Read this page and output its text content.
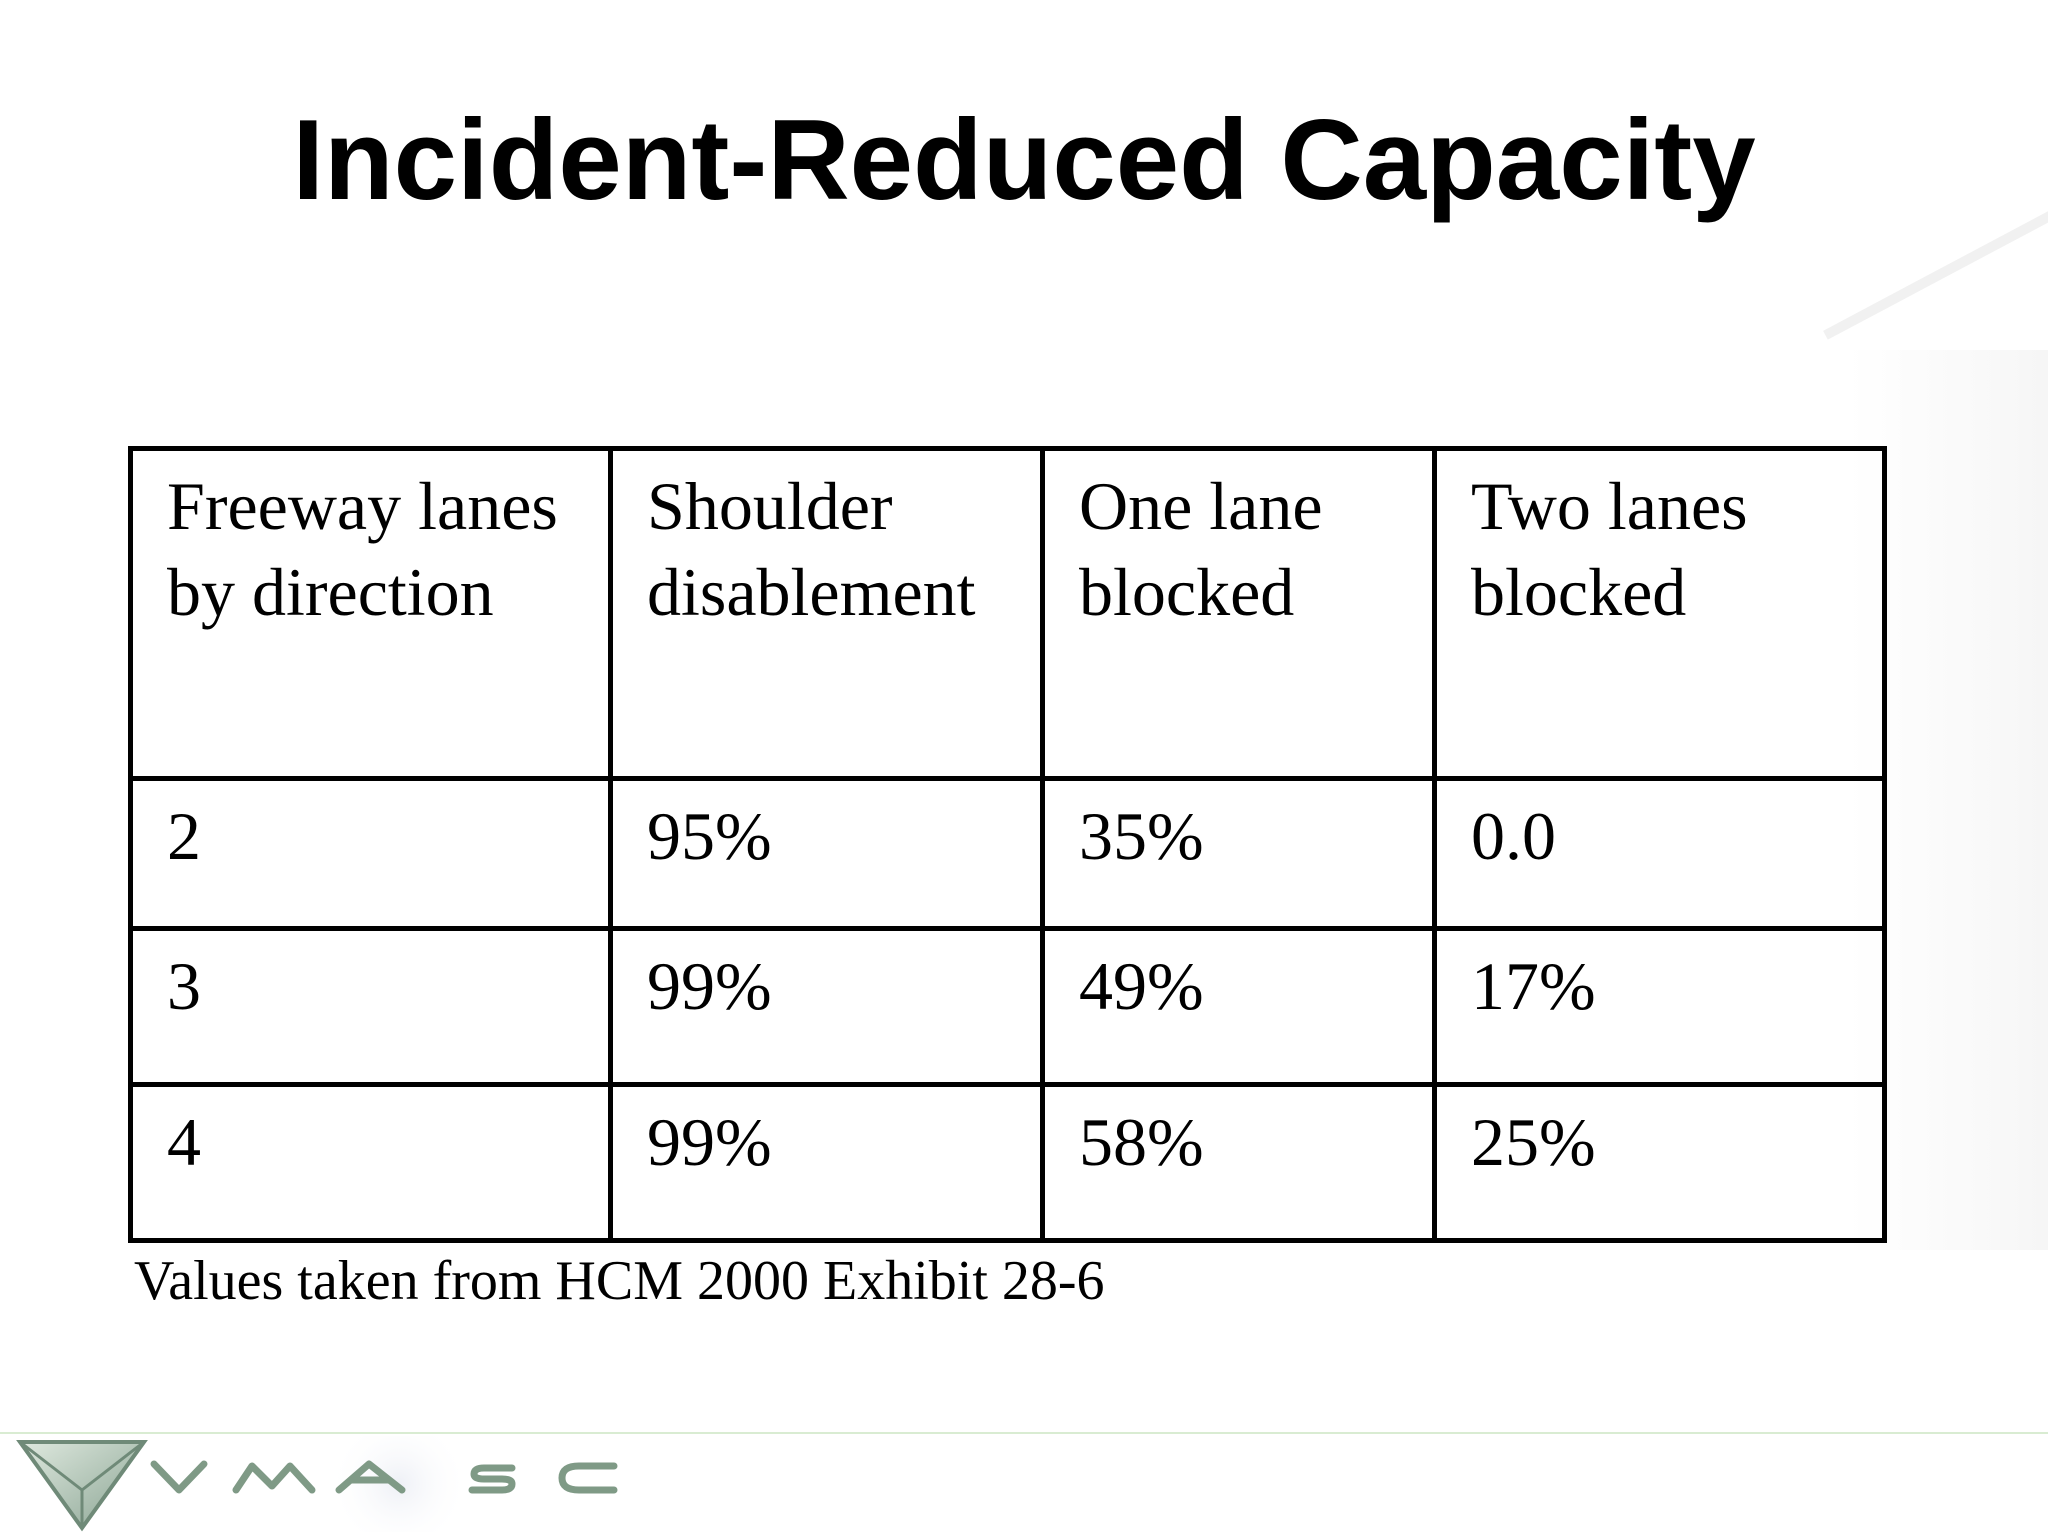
Incident-Reduced Capacity
Freeway lanes by direction	Shoulder disablement	One lane blocked	Two lanes blocked
2	95%	35%	0.0
3	99%	49%	17%
4	99%	58%	25%
Values taken from HCM 2000 Exhibit 28-6
